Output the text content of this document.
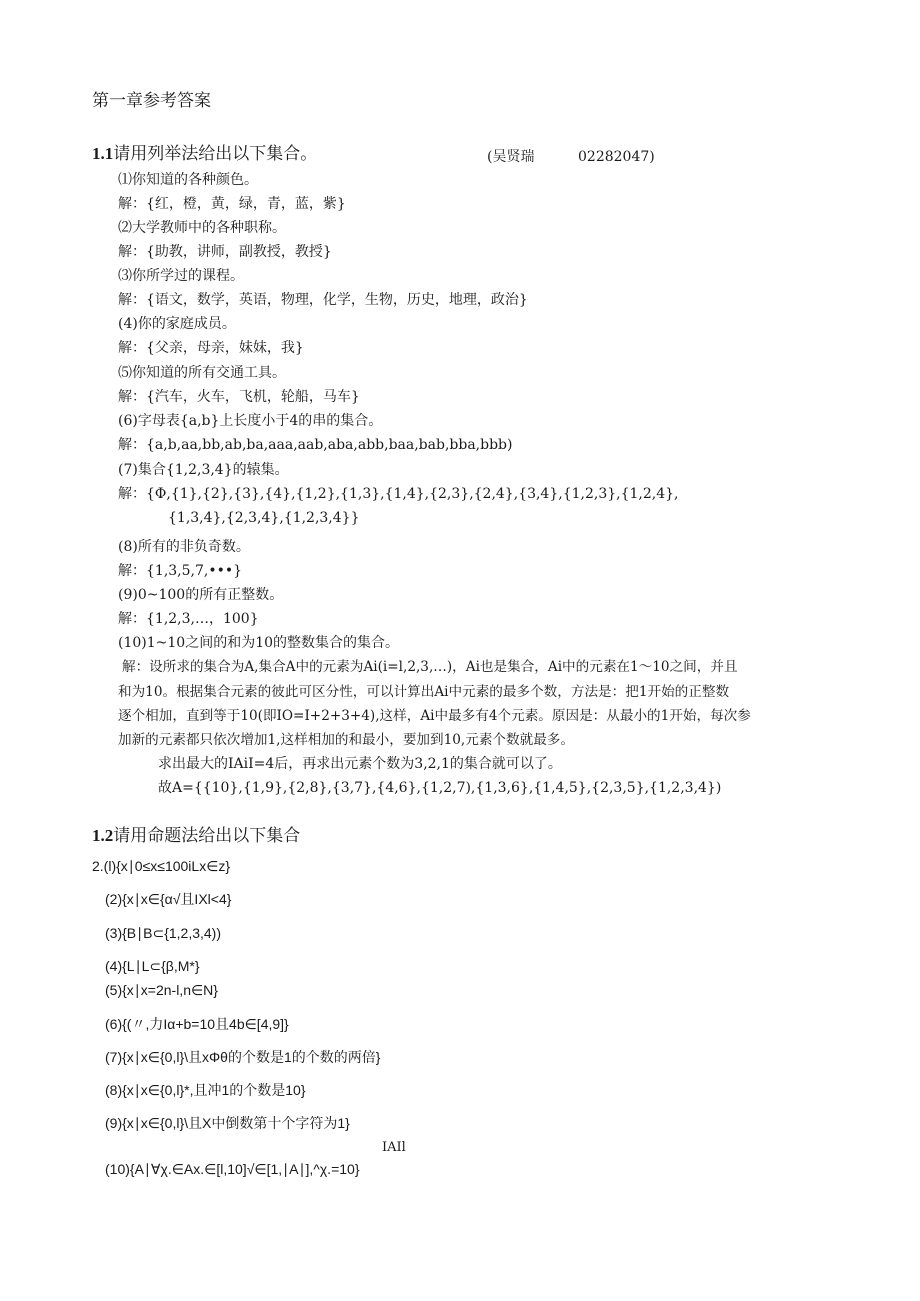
第一章参考答案
1.1请用列举法给出以下集合。	(吴贤瑞	02282047)
⑴你知道的各种颜色。
解：{红，橙，黄，绿，青，蓝，紫}
⑵大学教师中的各种职称。
解：{助教，讲师，副教授，教授}
⑶你所学过的课程。
解：{语文，数学，英语，物理，化学，生物，历史，地理，政治}
(4)你的家庭成员。
解：{父亲，母亲，妹妹，我}
⑸你知道的所有交通工具。
解：{汽车，火车，飞机，轮船，马车}
(6)字母表{a,b}上长度小于4的串的集合。
解：{a,b,aa,bb,ab,ba,aaa,aab,aba,abb,baa,bab,bba,bbb)
(7)集合{1,2,3,4}的辕集。
解：{Φ,{1},{2},{3},{4},{1,2},{1,3},{1,4},{2,3},{2,4},{3,4},{1,2,3},{1,2,4},
{1,3,4},{2,3,4},{1,2,3,4}}
(8)所有的非负奇数。
解：{1,3,5,7,•••}
(9)0~100的所有正整数。
解：{1,2,3,…，100}
(10)1~10之间的和为10的整数集合的集合。
解：设所求的集合为A,集合A中的元素为Ai(i=l,2,3,…)，Ai也是集合，Ai中的元素在1～10之间，并且
和为10。根据集合元素的彼此可区分性，可以计算出Ai中元素的最多个数，方法是：把1开始的正整数
逐个相加，直到等于10(即IO=I+2+3+4),这样，Ai中最多有4个元素。原因是：从最小的1开始，每次参
加新的元素都只依次增加1,这样相加的和最小，要加到10,元素个数就最多。
求出最大的IAiI=4后，再求出元素个数为3,2,1的集合就可以了。
故A={{10},{1,9},{2,8},{3,7},{4,6},{1,2,7),{1,3,6},{1,4,5},{2,3,5},{1,2,3,4})
1.2请用命题法给出以下集合
2.(l){x∣0≤x≤100iLx∈z}
(2){x∣x∈{α√且IXl<4}
(3){B∣B⊂{1,2,3,4))
(4){L∣L⊂{β,M*}
(5){x∣x=2n-l,n∈N}
(6){(〃,力Iα+b=10且4b∈[4,9]}
(7){x∣x∈{0,l}\且xΦθ的个数是1的个数的两倍}
(8){x∣x∈{0,l}*,且冲1的个数是10}
(9){x∣x∈{0,l}\且X中倒数第十个字符为1}
IAIl
(10){A∣∀χ.∈Ax.∈[l,10]√∈[1,∣A∣],^χ.=10}
